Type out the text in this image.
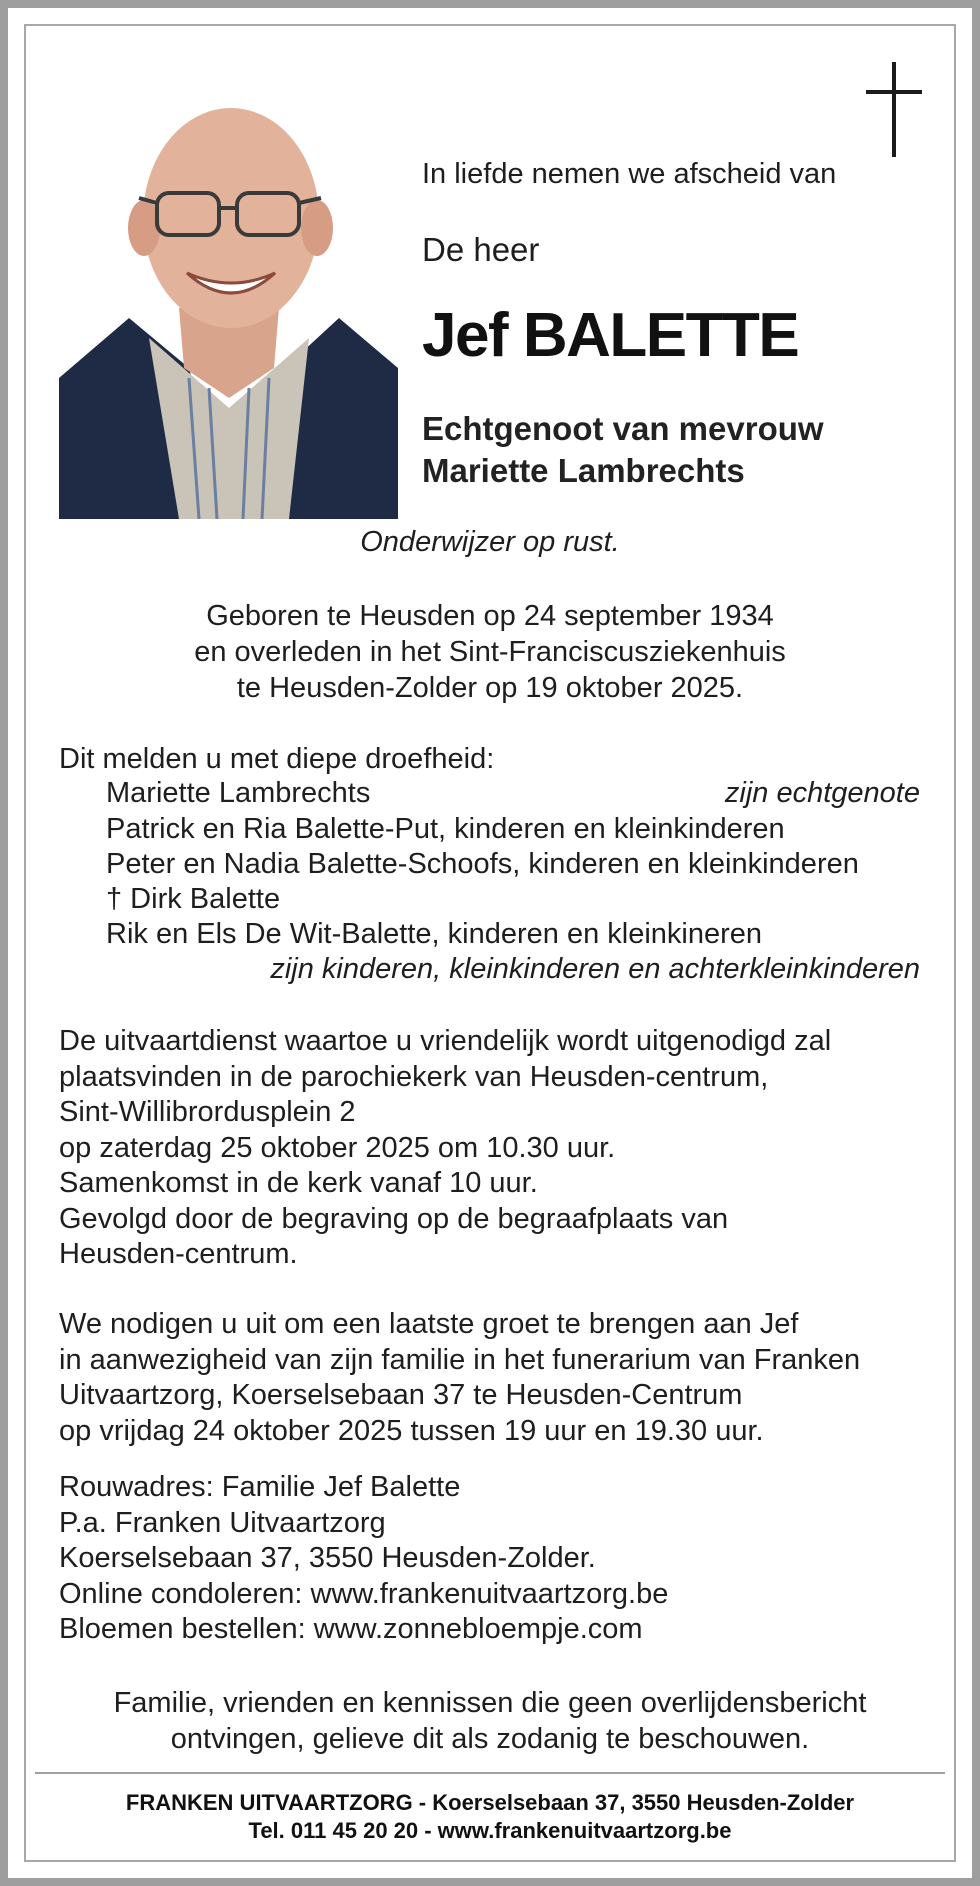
In liefde nemen we afscheid van
De heer
Jef BALETTE
Echtgenoot van mevrouw
Mariette Lambrechts
Onderwijzer op rust.
Geboren te Heusden op 24 september 1934
en overleden in het Sint-Franciscusziekenhuis
te Heusden-Zolder op 19 oktober 2025.
Dit melden u met diepe droefheid:
Mariette Lambrechts	zijn echtgenote
Patrick en Ria Balette-Put, kinderen en kleinkinderen
Peter en Nadia Balette-Schoofs, kinderen en kleinkinderen
† Dirk Balette
Rik en Els De Wit-Balette, kinderen en kleinkineren
zijn kinderen, kleinkinderen en achterkleinkinderen
De uitvaartdienst waartoe u vriendelijk wordt uitgenodigd zal
plaatsvinden in de parochiekerk van Heusden-centrum,
Sint-Willibrordusplein 2
op zaterdag 25 oktober 2025 om 10.30 uur.
Samenkomst in de kerk vanaf 10 uur.
Gevolgd door de begraving op de begraafplaats van
Heusden-centrum.
We nodigen u uit om een laatste groet te brengen aan Jef
in aanwezigheid van zijn familie in het funerarium van Franken
Uitvaartzorg, Koerselsebaan 37 te Heusden-Centrum
op vrijdag 24 oktober 2025 tussen 19 uur en 19.30 uur.
Rouwadres: Familie Jef Balette
P.a. Franken Uitvaartzorg
Koerselsebaan 37, 3550 Heusden-Zolder.
Online condoleren: www.frankenuitvaartzorg.be
Bloemen bestellen: www.zonnebloempje.com
Familie, vrienden en kennissen die geen overlijdensbericht
ontvingen, gelieve dit als zodanig te beschouwen.
FRANKEN UITVAARTZORG - Koerselsebaan 37, 3550 Heusden-Zolder
Tel. 011 45 20 20 - www.frankenuitvaartzorg.be
